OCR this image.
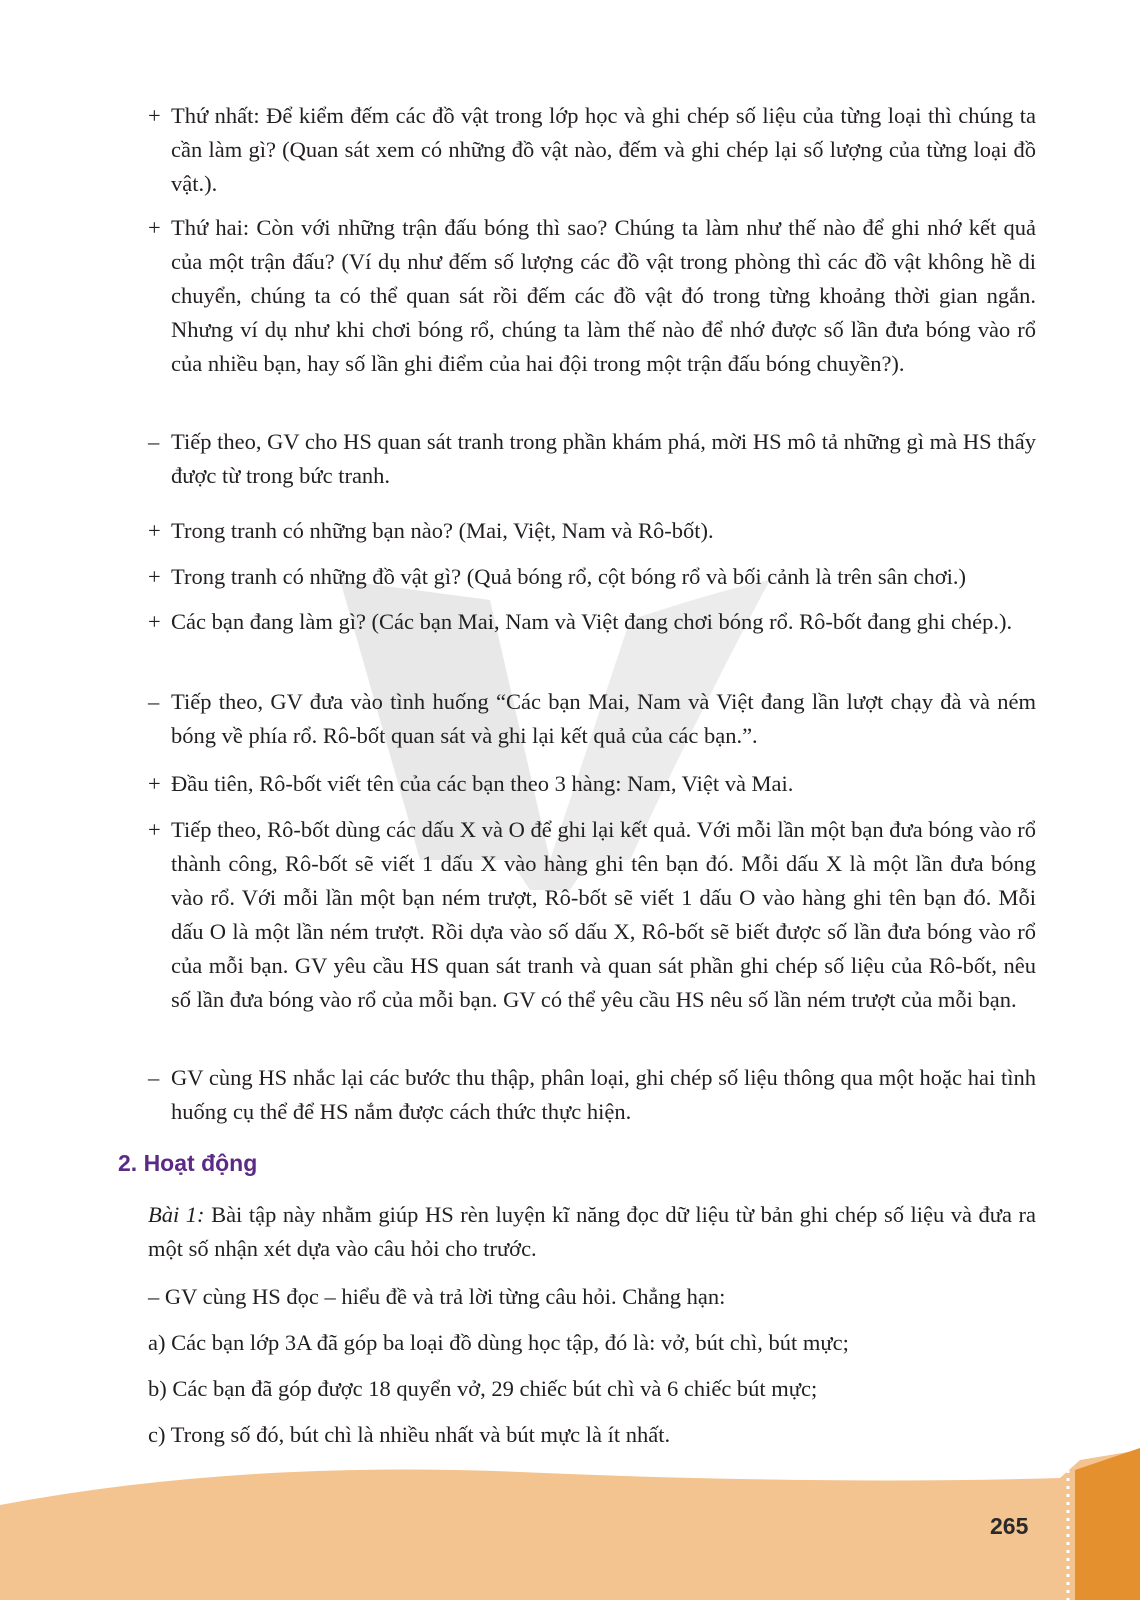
+ Thứ nhất: Để kiểm đếm các đồ vật trong lớp học và ghi chép số liệu của từng loại thì chúng ta cần làm gì? (Quan sát xem có những đồ vật nào, đếm và ghi chép lại số lượng của từng loại đồ vật.).
+ Thứ hai: Còn với những trận đấu bóng thì sao? Chúng ta làm như thế nào để ghi nhớ kết quả của một trận đấu? (Ví dụ như đếm số lượng các đồ vật trong phòng thì các đồ vật không hề di chuyển, chúng ta có thể quan sát rồi đếm các đồ vật đó trong từng khoảng thời gian ngắn. Nhưng ví dụ như khi chơi bóng rổ, chúng ta làm thế nào để nhớ được số lần đưa bóng vào rổ của nhiều bạn, hay số lần ghi điểm của hai đội trong một trận đấu bóng chuyền?).
– Tiếp theo, GV cho HS quan sát tranh trong phần khám phá, mời HS mô tả những gì mà HS thấy được từ trong bức tranh.
+ Trong tranh có những bạn nào? (Mai, Việt, Nam và Rô-bốt).
+ Trong tranh có những đồ vật gì? (Quả bóng rổ, cột bóng rổ và bối cảnh là trên sân chơi.)
+ Các bạn đang làm gì? (Các bạn Mai, Nam và Việt đang chơi bóng rổ. Rô-bốt đang ghi chép.).
– Tiếp theo, GV đưa vào tình huống “Các bạn Mai, Nam và Việt đang lần lượt chạy đà và ném bóng về phía rổ. Rô-bốt quan sát và ghi lại kết quả của các bạn.”.
+ Đầu tiên, Rô-bốt viết tên của các bạn theo 3 hàng: Nam, Việt và Mai.
+ Tiếp theo, Rô-bốt dùng các dấu X và O để ghi lại kết quả. Với mỗi lần một bạn đưa bóng vào rổ thành công, Rô-bốt sẽ viết 1 dấu X vào hàng ghi tên bạn đó. Mỗi dấu X là một lần đưa bóng vào rổ. Với mỗi lần một bạn ném trượt, Rô-bốt sẽ viết 1 dấu O vào hàng ghi tên bạn đó. Mỗi dấu O là một lần ném trượt. Rồi dựa vào số dấu X, Rô-bốt sẽ biết được số lần đưa bóng vào rổ của mỗi bạn. GV yêu cầu HS quan sát tranh và quan sát phần ghi chép số liệu của Rô-bốt, nêu số lần đưa bóng vào rổ của mỗi bạn. GV có thể yêu cầu HS nêu số lần ném trượt của mỗi bạn.
– GV cùng HS nhắc lại các bước thu thập, phân loại, ghi chép số liệu thông qua một hoặc hai tình huống cụ thể để HS nắm được cách thức thực hiện.
2. Hoạt động
Bài 1: Bài tập này nhằm giúp HS rèn luyện kĩ năng đọc dữ liệu từ bản ghi chép số liệu và đưa ra một số nhận xét dựa vào câu hỏi cho trước.
– GV cùng HS đọc – hiểu đề và trả lời từng câu hỏi. Chẳng hạn:
a) Các bạn lớp 3A đã góp ba loại đồ dùng học tập, đó là: vở, bút chì, bút mực;
b) Các bạn đã góp được 18 quyển vở, 29 chiếc bút chì và 6 chiếc bút mực;
c) Trong số đó, bút chì là nhiều nhất và bút mực là ít nhất.
265
